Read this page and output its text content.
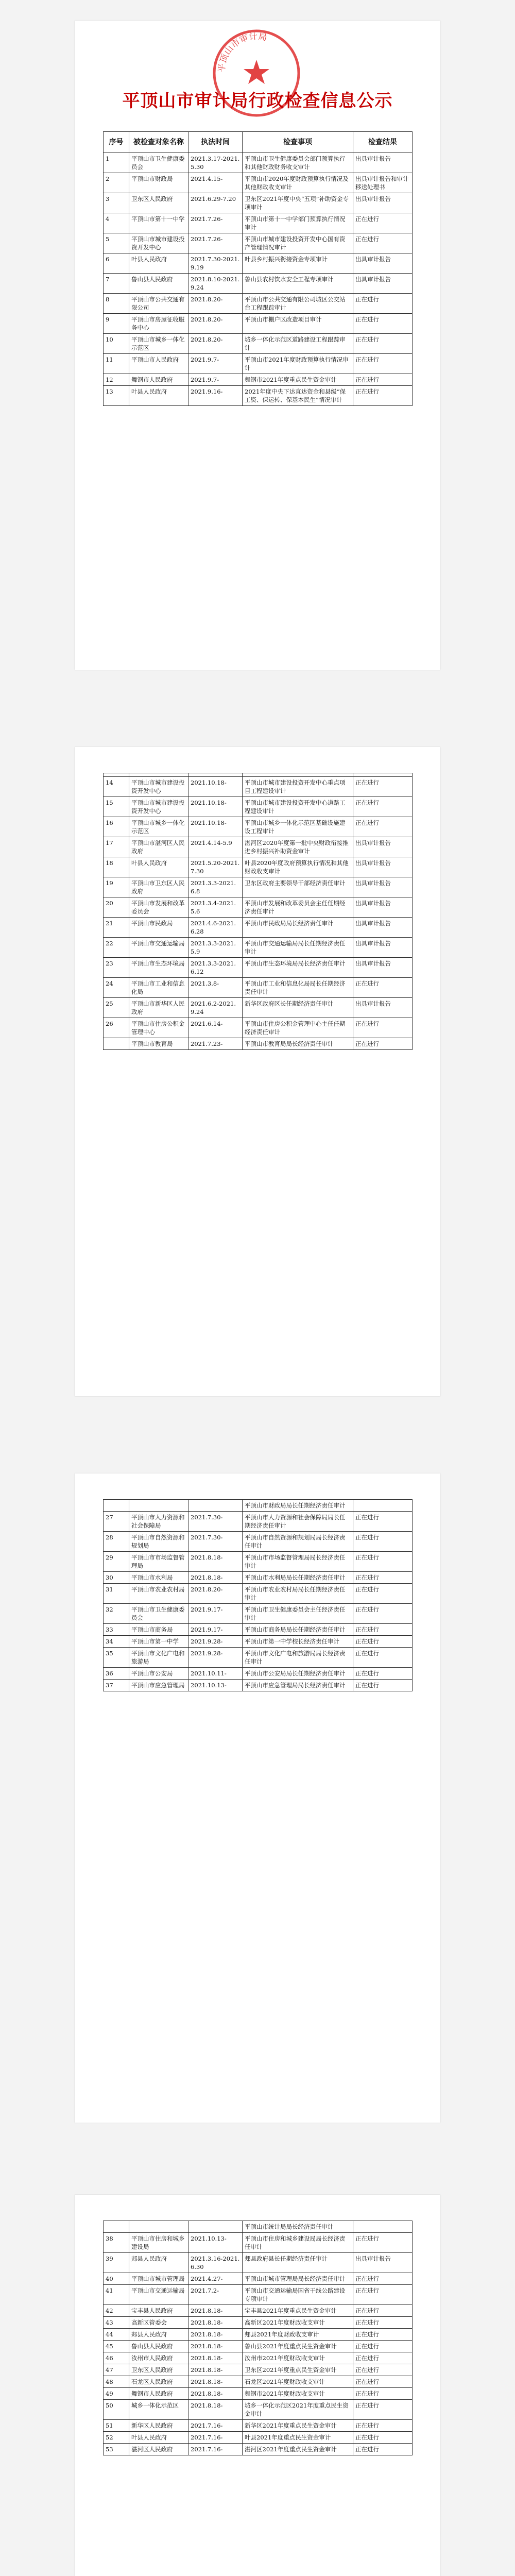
平顶山市审计局
平顶山市审计局行政检查信息公示
序号	被检查对象名称	执法时间	检查事项	检查结果
1	平顶山市卫生健康委员会	2021.3.17-2021.5.30	平顶山市卫生健康委员会部门预算执行和其他财政财务收支审计	出具审计报告
2	平顶山市财政局	2021.4.15-	平顶山市2020年度财政预算执行情况及其他财政收支审计	出具审计报告和审计移送处理书
3	卫东区人民政府	2021.6.29-7.20	卫东区2021年度中央“五项”补助资金专项审计	出具审计报告
4	平顶山市第十一中学	2021.7.26-	平顶山市第十一中学部门预算执行情况审计	正在进行
5	平顶山市城市建设投资开发中心	2021.7.26-	平顶山市城市建设投资开发中心国有资产管理情况审计	正在进行
6	叶县人民政府	2021.7.30-2021.9.19	叶县乡村振兴衔接资金专项审计	出具审计报告
7	鲁山县人民政府	2021.8.10-2021.9.24	鲁山县农村饮水安全工程专项审计	出具审计报告
8	平顶山市公共交通有限公司	2021.8.20-	平顶山市公共交通有限公司城区公交站台工程跟踪审计	正在进行
9	平顶山市房屋征收服务中心	2021.8.20-	平顶山市棚户区改造项目审计	正在进行
10	平顶山市城乡一体化示范区	2021.8.20-	城乡一体化示范区道路建设工程跟踪审计	正在进行
11	平顶山市人民政府	2021.9.7-	平顶山市2021年度财政预算执行情况审计	正在进行
12	舞钢市人民政府	2021.9.7-	舞钢市2021年度重点民生资金审计	正在进行
13	叶县人民政府	2021.9.16-	2021年度中央下达直达资金和县级“保工资、保运转、保基本民生”情况审计	正在进行

14	平顶山市城市建设投资开发中心	2021.10.18-	平顶山市城市建设投资开发中心重点项目工程建设审计	正在进行
15	平顶山市城市建设投资开发中心	2021.10.18-	平顶山市城市建设投资开发中心道路工程建设审计	正在进行
16	平顶山市城乡一体化示范区	2021.10.18-	平顶山市城乡一体化示范区基础设施建设工程审计	正在进行
17	平顶山市湛河区人民政府	2021.4.14-5.9	湛河区2020年度第一批中央财政衔接推进乡村振兴补助资金审计	出具审计报告
18	叶县人民政府	2021.5.20-2021.7.30	叶县2020年度政府预算执行情况和其他财政收支审计	出具审计报告
19	平顶山市卫东区人民政府	2021.3.3-2021.6.8	卫东区政府主要领导干部经济责任审计	出具审计报告
20	平顶山市发展和改革委员会	2021.3.4-2021.5.6	平顶山市发展和改革委员会主任任期经济责任审计	出具审计报告
21	平顶山市民政局	2021.4.6-2021.6.28	平顶山市民政局局长经济责任审计	出具审计报告
22	平顶山市交通运输局	2021.3.3-2021.5.9	平顶山市交通运输局局长任期经济责任审计	出具审计报告
23	平顶山市生态环境局	2021.3.3-2021.6.12	平顶山市生态环境局局长经济责任审计	出具审计报告
24	平顶山市工业和信息化局	2021.3.8-	平顶山市工业和信息化局局长任期经济责任审计	正在进行
25	平顶山市新华区人民政府	2021.6.2-2021.9.24	新华区政府区长任期经济责任审计	出具审计报告
26	平顶山市住房公积金管理中心	2021.6.14-	平顶山市住房公积金管理中心主任任期经济责任审计	正在进行
	平顶山市教育局	2021.7.23-	平顶山市教育局局长经济责任审计	正在进行
			平顶山市财政局局长任期经济责任审计	
27	平顶山市人力资源和社会保障局	2021.7.30-	平顶山市人力资源和社会保障局局长任期经济责任审计	正在进行
28	平顶山市自然资源和规划局	2021.7.30-	平顶山市自然资源和规划局局长经济责任审计	正在进行
29	平顶山市市场监督管理局	2021.8.18-	平顶山市市场监督管理局局长经济责任审计	正在进行
30	平顶山市水利局	2021.8.18-	平顶山市水利局局长任期经济责任审计	正在进行
31	平顶山市农业农村局	2021.8.20-	平顶山市农业农村局局长任期经济责任审计	正在进行
32	平顶山市卫生健康委员会	2021.9.17-	平顶山市卫生健康委员会主任经济责任审计	正在进行
33	平顶山市商务局	2021.9.17-	平顶山市商务局局长任期经济责任审计	正在进行
34	平顶山市第一中学	2021.9.28-	平顶山市第一中学校长经济责任审计	正在进行
35	平顶山市文化广电和旅游局	2021.9.28-	平顶山市文化广电和旅游局局长经济责任审计	正在进行
36	平顶山市公安局	2021.10.11-	平顶山市公安局局长任期经济责任审计	正在进行
37	平顶山市应急管理局	2021.10.13-	平顶山市应急管理局局长经济责任审计	正在进行
			平顶山市统计局局长经济责任审计	
38	平顶山市住房和城乡建设局	2021.10.13-	平顶山市住房和城乡建设局局长经济责任审计	正在进行
39	郏县人民政府	2021.3.16-2021.6.30	郏县政府县长任期经济责任审计	出具审计报告
40	平顶山市城市管理局	2021.4.27-	平顶山市城市管理局局长经济责任审计	正在进行
41	平顶山市交通运输局	2021.7.2-	平顶山市交通运输局国省干线公路建设专项审计	正在进行
42	宝丰县人民政府	2021.8.18-	宝丰县2021年度重点民生资金审计	正在进行
43	高新区管委会	2021.8.18-	高新区2021年度财政收支审计	正在进行
44	郏县人民政府	2021.8.18-	郏县2021年度财政收支审计	正在进行
45	鲁山县人民政府	2021.8.18-	鲁山县2021年度重点民生资金审计	正在进行
46	汝州市人民政府	2021.8.18-	汝州市2021年度财政收支审计	正在进行
47	卫东区人民政府	2021.8.18-	卫东区2021年度重点民生资金审计	正在进行
48	石龙区人民政府	2021.8.18-	石龙区2021年度财政收支审计	正在进行
49	舞钢市人民政府	2021.8.18-	舞钢市2021年度财政收支审计	正在进行
50	城乡一体化示范区	2021.8.18-	城乡一体化示范区2021年度重点民生资金审计	正在进行
51	新华区人民政府	2021.7.16-	新华区2021年度重点民生资金审计	正在进行
52	叶县人民政府	2021.7.16-	叶县2021年度重点民生资金审计	正在进行
53	湛河区人民政府	2021.7.16-	湛河区2021年度重点民生资金审计	正在进行
